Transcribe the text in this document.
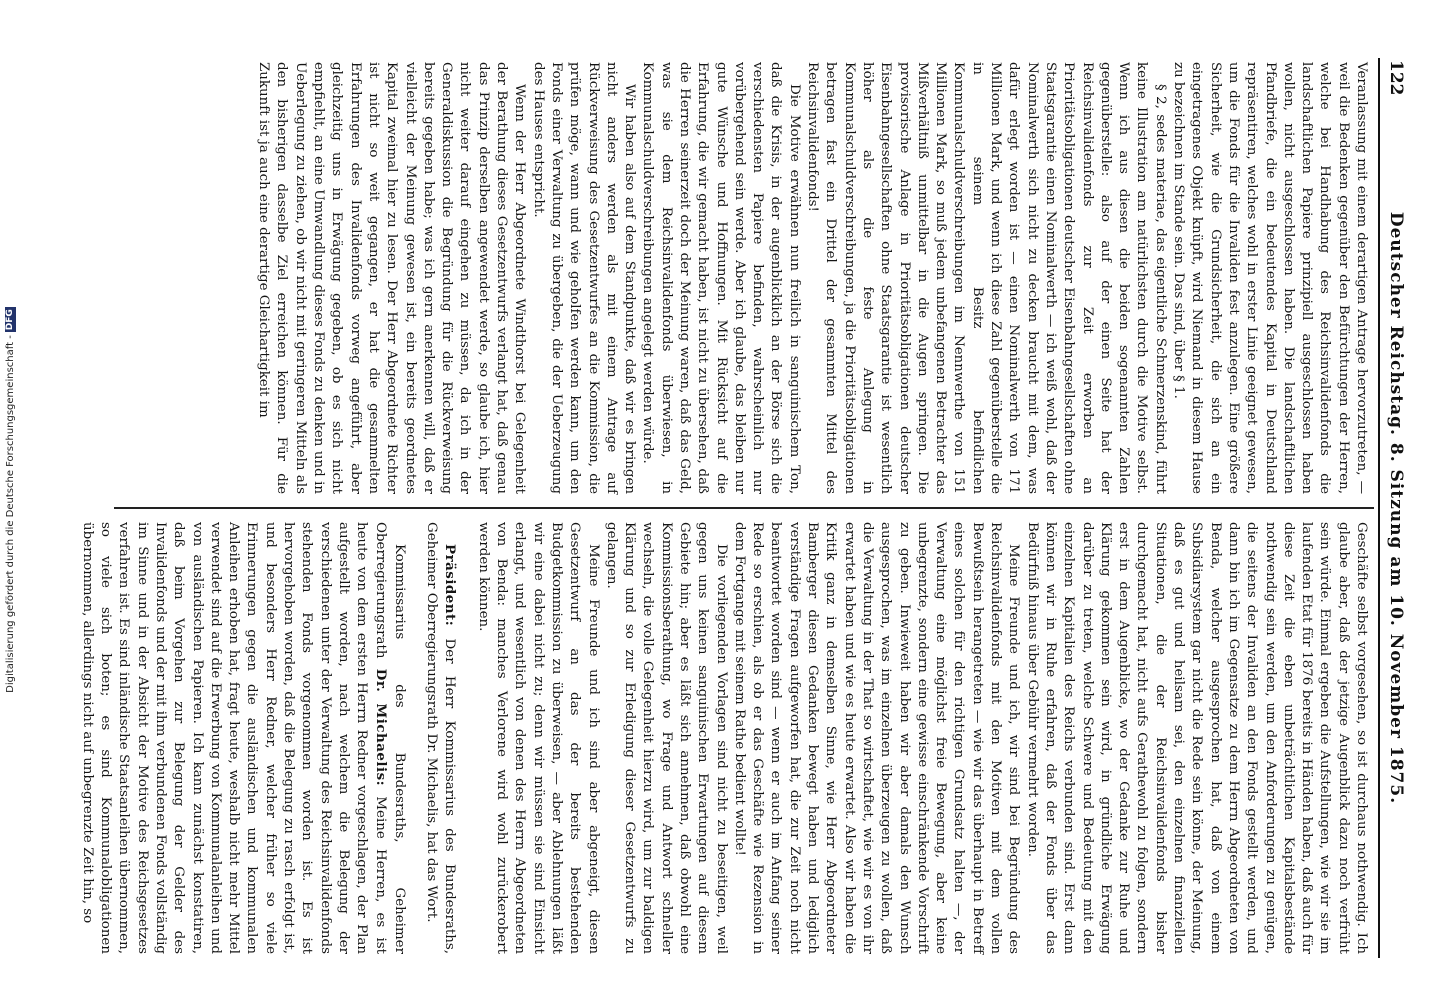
Digitalisierung gefördert durch die Deutsche Forschungsgemeinschaft -DFG
122
Deutscher Reichstag. 8. Sitzung am 10. November 1875.

Veranlassung mit einem derartigen Antrage hervorzutreten, — weil die Bedenken gegenüber den Befürchtungen der Herren, welche bei Handhabung des Reichsinvalidenfonds die landschaftlichen Papiere prinzipiell ausgeschlossen haben wollen, nicht ausgeschlossen haben. Die landschaftlichen Pfandbriefe, die ein bedeutendes Kapital in Deutschland repräsentiren, welches wohl in erster Linie geeignet gewesen, um die Fonds für die Invaliden fest anzulegen. Eine größere Sicherheit, wie die Grundsicherheit, die sich an ein eingetragenes Objekt knüpft, wird Niemand in diesem Hause zu bezeichnen im Stande sein. Das sind, über § 1.

§ 2, sedes materiae, das eigentliche Schmerzenskind, führt keine Illustration am natürlichsten durch die Motive selbst. Wenn ich aus diesen die beiden sogenannten Zahlen gegenüberstelle: also auf der einen Seite hat der Reichsinvalidenfonds zur Zeit erworben an Prioritätsobligationen deutscher Eisenbahngesellschaften ohne Staatsgarantie einen Nominalwerth — ich weiß wohl, daß der Nominalwerth sich nicht zu decken braucht mit dem, was dafür erlegt worden ist — einen Nominalwerth von 171 Millionen Mark, und wenn ich diese Zahl gegenüberstelle die in seinem Besitz befindlichen Kommunalschuldverschreibungen im Nennwerthe von 151 Millionen Mark, so muß jedem unbefangenen Betrachter das Mißverhältniß unmittelbar in die Augen springen. Die provisorische Anlage in Prioritätsobligationen deutscher Eisenbahngesellschaften ohne Staatsgarantie ist wesentlich höher als die feste Anlegung in Kommunalschuldverschreibungen, ja die Prioritätsobligationen betragen fast ein Drittel der gesammten Mittel des Reichsinvalidenfonds!

Die Motive erwähnen nun freilich in sanguinischem Ton, daß die Krisis, in der augenblicklich an der Börse sich die verschiedensten Papiere befinden, wahrscheinlich nur vorübergehend sein werde. Aber ich glaube, das bleiben nur gute Wünsche und Hoffnungen. Mit Rücksicht auf die Erfahrung, die wir gemacht haben, ist nicht zu übersehen, daß die Herren seinerzeit doch der Meinung waren, daß das Geld, was sie dem Reichsinvalidenfonds überwiesen, in Kommunalschuldverschreibungen angelegt werden würde.

Wir haben also auf dem Standpunkte, daß wir es bringen nicht anders werden als mit einem Antrage auf Rückverweisung des Gesetzentwurfes an die Kommission, die prüfen möge, wann und wie geholfen werden kann, um den Fonds einer Verwaltung zu übergeben, die der Ueberzeugung des Hauses entspricht.

Wenn der Herr Abgeordnete Windthorst bei Gelegenheit der Berathung dieses Gesetzentwurfs verlangt hat, daß genau das Prinzip derselben angewendet werde, so glaube ich, hier nicht weiter darauf eingehen zu müssen, da ich in der Generaldiskussion die Begründung für die Rückverweisung bereits gegeben habe; was ich gern anerkennen will, daß er vielleicht der Meinung gewesen ist, ein bereits geordnetes Kapital zweimal hier zu lesen. Der Herr Abgeordnete Richter ist nicht so weit gegangen, er hat die gesammelten Erfahrungen des Invalidenfonds vorweg angeführt, aber gleichzeitig uns in Erwägung gegeben, ob es sich nicht empfiehlt, an eine Umwandlung dieses Fonds zu denken und in Ueberlegung zu ziehen, ob wir nicht mit geringeren Mitteln als den bisherigen dasselbe Ziel erreichen können. Für die Zukunft ist ja auch eine derartige Gleichartigkeit im

Geschäfte selbst vorgesehen, so ist durchaus nothwendig. Ich glaube aber, daß der jetzige Augenblick dazu noch verfrüht sein würde. Einmal ergeben die Aufstellungen, wie wir sie im laufenden Etat für 1876 bereits in Händen haben, daß auch für diese Zeit die eben unbeträchtlichen Kapitalsbestände nothwendig sein werden, um den Anforderungen zu genügen, die seitens der Invaliden an den Fonds gestellt werden, und dann bin ich im Gegensatze zu dem Herrn Abgeordneten von Benda, welcher ausgesprochen hat, daß von einem Subsidiarsystem gar nicht die Rede sein könne, der Meinung, daß es gut und heilsam sei, den einzelnen finanziellen Situationen, die der Reichsinvalidenfonds bisher durchgemacht hat, nicht aufs Gerathewohl zu folgen, sondern erst in dem Augenblicke, wo der Gedanke zur Ruhe und Klärung gekommen sein wird, in gründliche Erwägung darüber zu treten, welche Schwere und Bedeutung mit den einzelnen Kapitalien des Reichs verbunden sind. Erst dann können wir in Ruhe erfahren, daß der Fonds über das Bedürfniß hinaus über Gebühr vermehrt worden.

Meine Freunde und ich, wir sind bei Begründung des Reichsinvalidenfonds mit den Motiven mit dem vollen Bewußtsein herangetreten — wie wir das überhaupt in Betreff eines solchen für den richtigen Grundsatz halten —, der Verwaltung eine möglichst freie Bewegung, aber keine unbegrenzte, sondern eine gewisse einschränkende Vorschrift zu geben. Inwieweit haben wir aber damals den Wunsch ausgesprochen, was im einzelnen überzeugen zu wollen, daß die Verwaltung in der That so wirtschaftet, wie wir es von ihr erwartet haben und wie es heute erwartet. Also wir haben die Kritik ganz in demselben Sinne, wie Herr Abgeordneter Bamberger diesen Gedanken bewegt haben und lediglich verständige Fragen aufgeworfen hat, die zur Zeit noch nicht beantwortet worden sind — wenn er auch im Anfang seiner Rede so erschien, als ob er das Geschäfte wie Rezension in dem Fortgange mit seinem Rathe bedient wollte!

Die vorliegenden Vorlagen sind nicht zu beseitigen, weil gegen uns keinen sanguinischen Erwartungen auf diesem Gebiete hin; aber es läßt sich annehmen, daß obwohl eine Kommissionsberathung, wo Frage und Antwort schneller wechseln, die volle Gelegenheit hierzu wird, um zur baldigen Klärung und so zur Erledigung dieser Gesetzentwurfs zu gelangen.

Meine Freunde und ich sind aber abgeneigt, diesen Gesetzentwurf an das der bereits bestehenden Budgetkommission zu überweisen, — aber Ablehnungen läßt wir eine dabei nicht zu; denn wir müssen sie sind Einsicht erlangt, und wesentlich von denen des Herrn Abgeordneten von Benda: manches Verlorene wird wohl zurückerobert werden können.

Präsident: Der Herr Kommissarius des Bundesraths, Geheimer Oberregierungsrath Dr. Michaelis, hat das Wort.

Kommissarius des Bundesraths, Geheimer Oberregierungsrath Dr. Michaelis: Meine Herren, es ist heute von dem ersten Herrn Redner vorgeschlagen, der Plan aufgestellt worden, nach welchem die Belegung der verschiedenen unter der Verwaltung des Reichsinvalidenfonds stehenden Fonds vorgenommen worden ist. Es ist hervorgehoben worden, daß die Belegung zu rasch erfolgt ist, und besonders Herr Redner, welcher früher so viele Erinnerungen gegen die ausländischen und kommunalen Anleihen erhoben hat, fragt heute, weshalb nicht mehr Mittel verwendet sind auf die Erwerbung von Kommunalanleihen und von ausländischen Papieren. Ich kann zunächst konstatiren, daß beim Vorgehen zur Belegung der Gelder des Invalidenfonds und der mit ihm verbundenen Fonds vollständig im Sinne und in der Absicht der Motive des Reichsgesetzes verfahren ist. Es sind inländische Staatsanleihen übernommen, so viele sich boten; es sind Kommunalobligationen übernommen, allerdings nicht auf unbegrenzte Zeit hin, so
